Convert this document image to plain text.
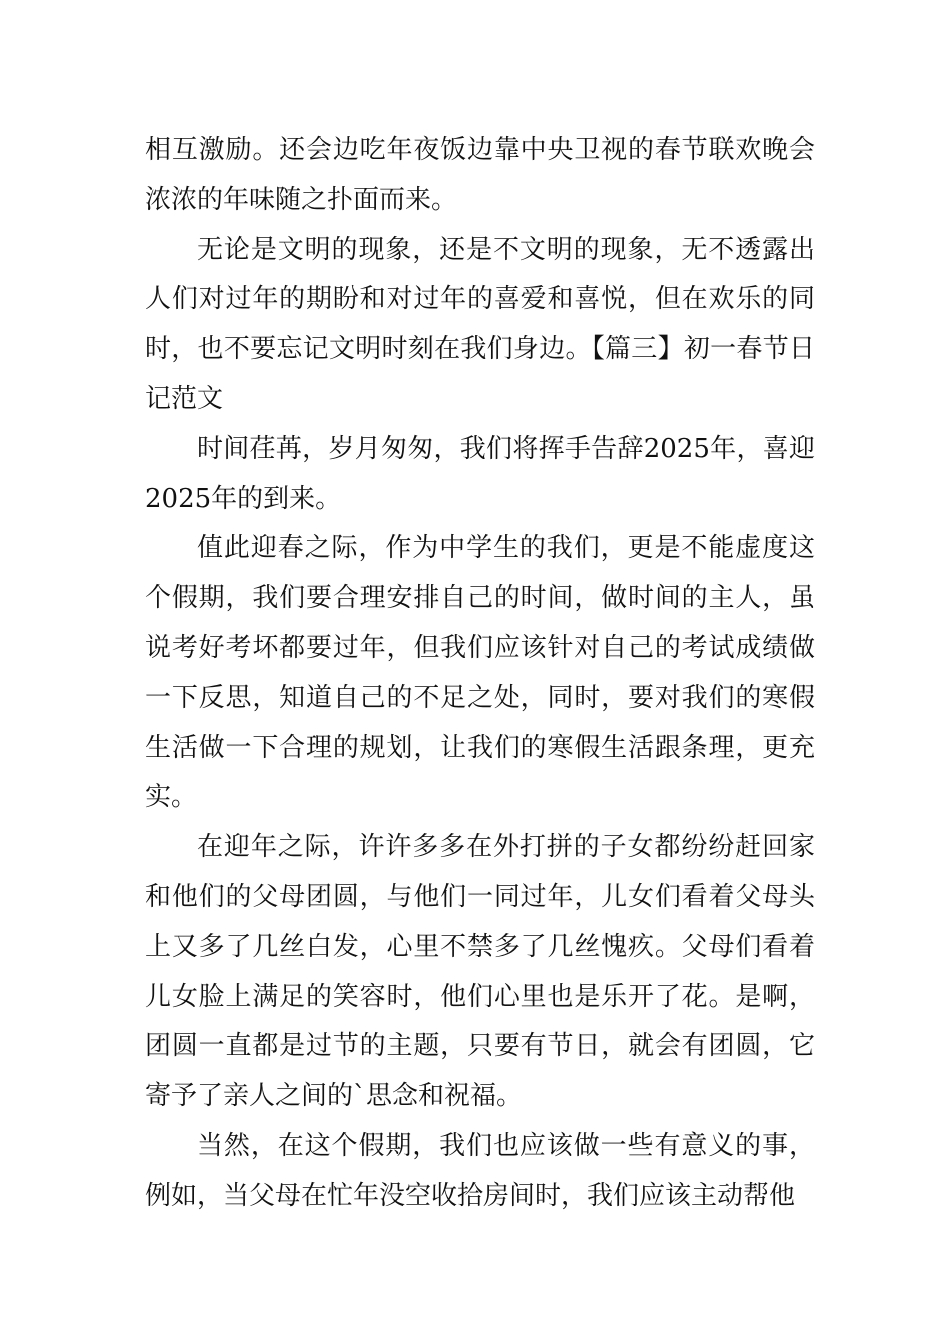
相互激励。还会边吃年夜饭边靠中央卫视的春节联欢晚会浓浓的年味随之扑面而来。

无论是文明的现象，还是不文明的现象，无不透露出人们对过年的期盼和对过年的喜爱和喜悦，但在欢乐的同时，也不要忘记文明时刻在我们身边。【篇三】初一春节日记范文

时间荏苒，岁月匆匆，我们将挥手告辞2025年，喜迎2025年的到来。

值此迎春之际，作为中学生的我们，更是不能虚度这个假期，我们要合理安排自己的时间，做时间的主人，虽说考好考坏都要过年，但我们应该针对自己的考试成绩做一下反思，知道自己的不足之处，同时，要对我们的寒假生活做一下合理的规划，让我们的寒假生活跟条理，更充实。

在迎年之际，许许多多在外打拼的子女都纷纷赶回家和他们的父母团圆，与他们一同过年，儿女们看着父母头上又多了几丝白发，心里不禁多了几丝愧疚。父母们看着儿女脸上满足的笑容时，他们心里也是乐开了花。是啊，团圆一直都是过节的主题，只要有节日，就会有团圆，它寄予了亲人之间的`思念和祝福。

当然，在这个假期，我们也应该做一些有意义的事，例如，当父母在忙年没空收拾房间时，我们应该主动帮他
